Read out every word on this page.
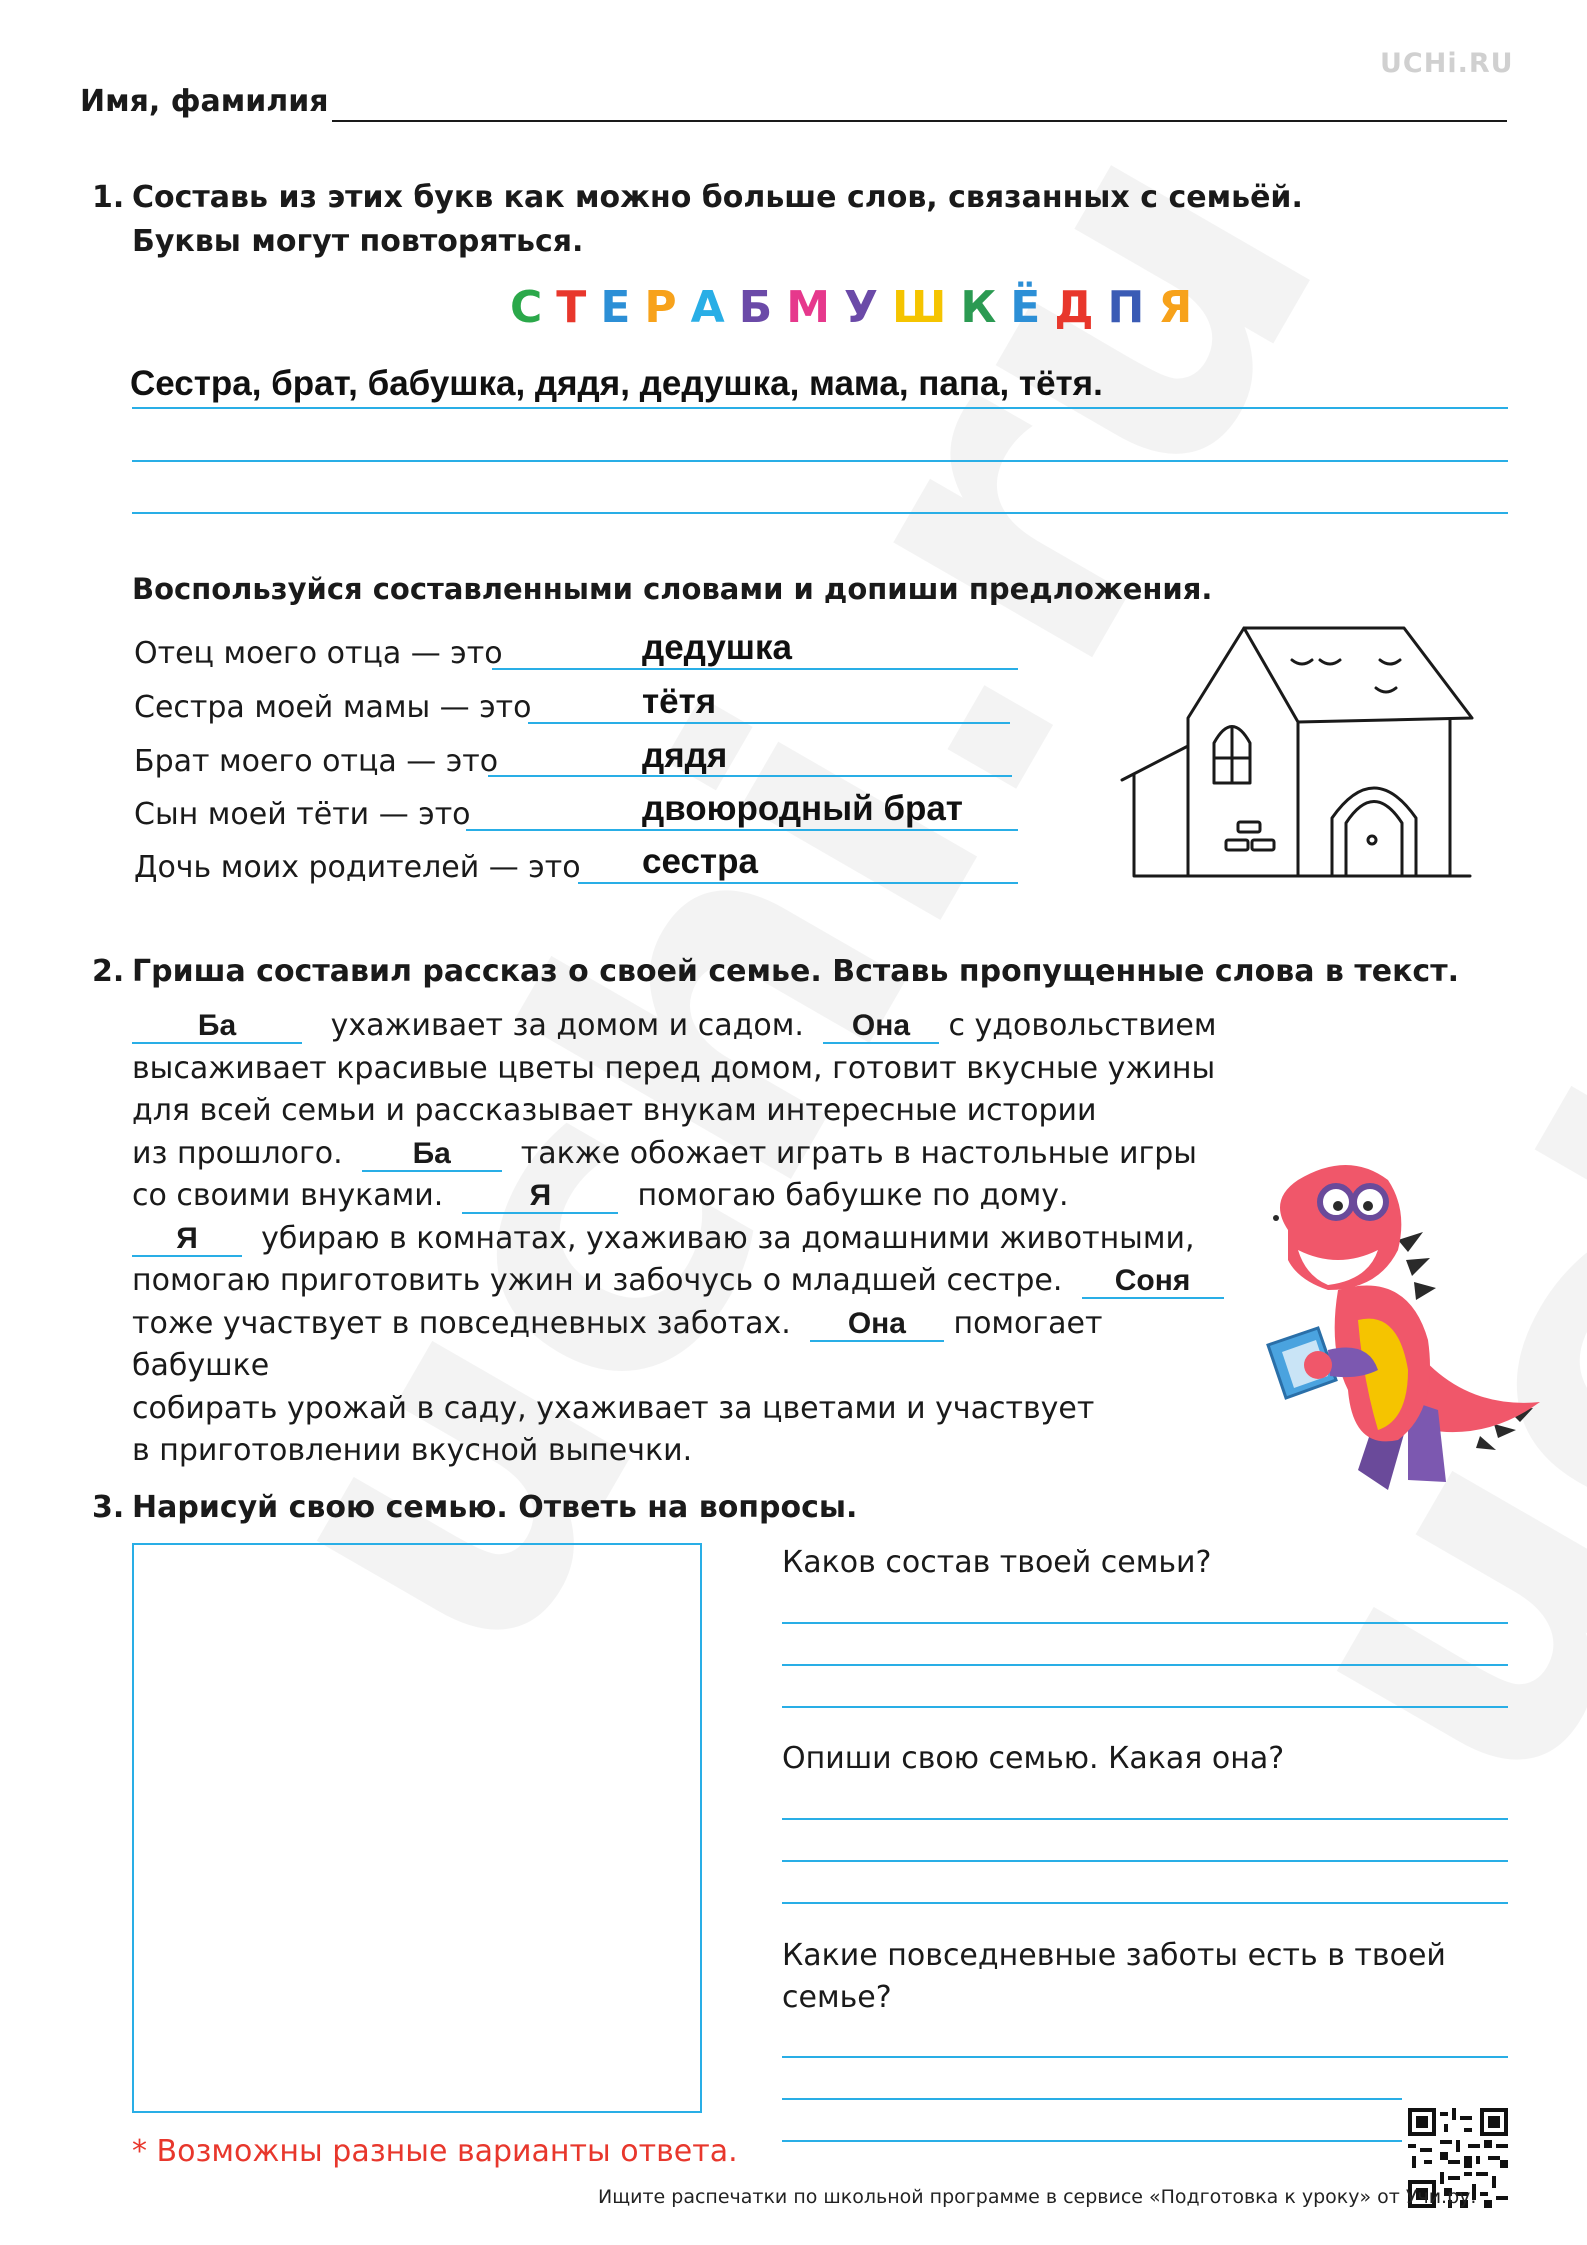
UCHi.RU
Имя, фамилия
1. Составь из этих букв как можно больше слов, связанных с семьёй.
Буквы могут повторяться.
С Т Е Р А Б М У Ш К Ё Д П Я
Сестра, брат, бабушка, дядя, дедушка, мама, папа, тётя.
Воспользуйся составленными словами и допиши предложения.
Отец моего отца — это	дедушка
Сестра моей мамы — это	тётя
Брат моего отца — это	дядя
Сын моей тёти — это	двоюродный брат
Дочь моих родителей — это сестра
2. Гриша составил рассказ о своей семье. Вставь пропущенные слова в текст.
Ба	ухаживает за домом и садом. Она с удовольствием
высаживает красивые цветы перед домом, готовит вкусные ужины
для всей семьи и рассказывает внукам интересные истории
из прошлого. Ба также обожает играть в настольные игры
со своими внуками.	Я	помогаю бабушке по дому.
Я убираю в комнатах, ухаживаю за домашними животными,
помогаю приготовить ужин и забочусь о младшей сестре. Соня
тоже участвует в повседневных заботах. Она помогает бабушке
собирать урожай в саду, ухаживает за цветами и участвует
в приготовлении вкусной выпечки.
3. Нарисуй свою семью. Ответь на вопросы.
Каков состав твоей семьи?
Опиши свою семью. Какая она?
Какие повседневные заботы есть в твоей
семье?
* Возможны разные варианты ответа.
Ищите распечатки по школьной программе в сервисе «Подготовка к уроку» от Учи.ру.
